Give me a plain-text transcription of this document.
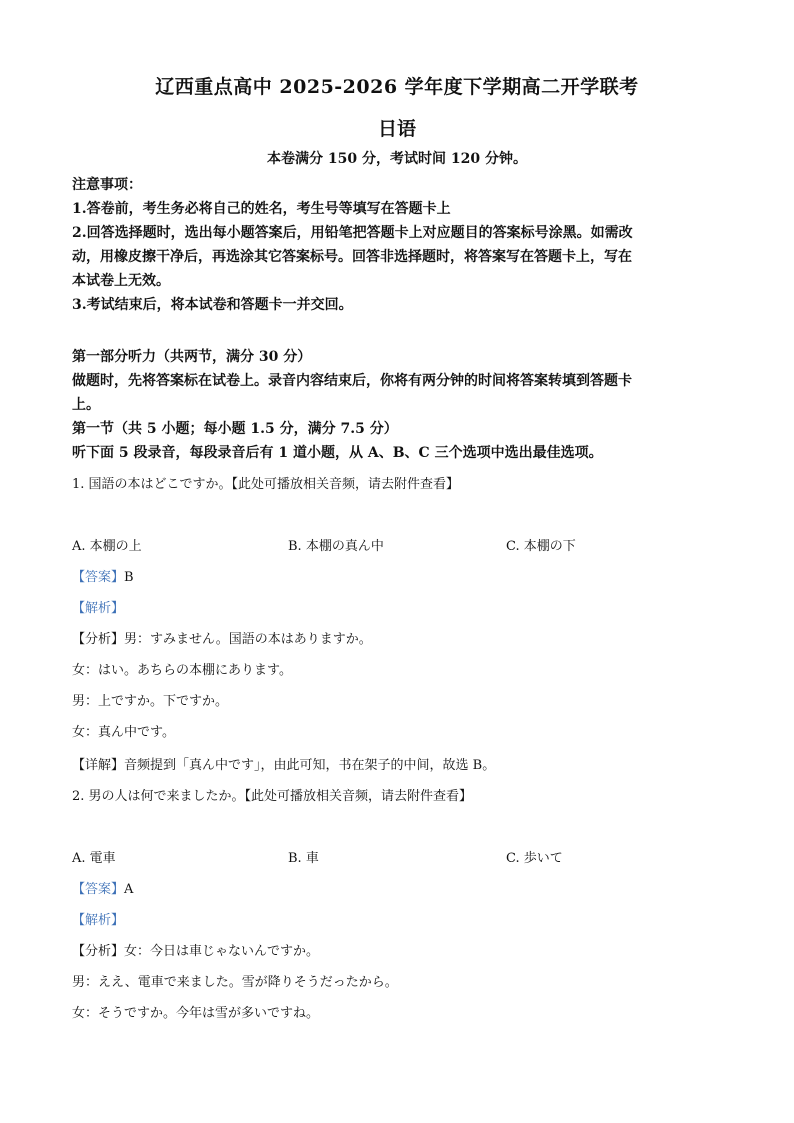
辽西重点高中 2025-2026 学年度下学期高二开学联考
日语
本卷满分 150 分，考试时间 120 分钟。
注意事项：
1.答卷前，考生务必将自己的姓名，考生号等填写在答题卡上
2.回答选择题时，选出每小题答案后，用铅笔把答题卡上对应题目的答案标号涂黑。如需改
动，用橡皮擦干净后，再选涂其它答案标号。回答非选择题时，将答案写在答题卡上，写在
本试卷上无效。
3.考试结束后，将本试卷和答题卡一并交回。
第一部分听力（共两节，满分 30 分）
做题时，先将答案标在试卷上。录音内容结束后，你将有两分钟的时间将答案转填到答题卡
上。
第一节（共 5 小题；每小题 1.5 分，满分 7.5 分）
听下面 5 段录音，每段录音后有 1 道小题，从 A、B、C 三个选项中选出最佳选项。
1. 国語の本はどこですか。【此处可播放相关音频，请去附件查看】
A. 本棚の上	B. 本棚の真ん中	C. 本棚の下
【答案】B
【解析】
【分析】男：すみません。国語の本はありますか。
女：はい。あちらの本棚にあります。
男：上ですか。下ですか。
女：真ん中です。
【详解】音频提到「真ん中です」，由此可知，书在架子的中间，故选 B。
2. 男の人は何で来ましたか。【此处可播放相关音频，请去附件查看】
A. 電車	B. 車	C. 歩いて
【答案】A
【解析】
【分析】女：今日は車じゃないんですか。
男：ええ、電車で来ました。雪が降りそうだったから。
女：そうですか。今年は雪が多いですね。
